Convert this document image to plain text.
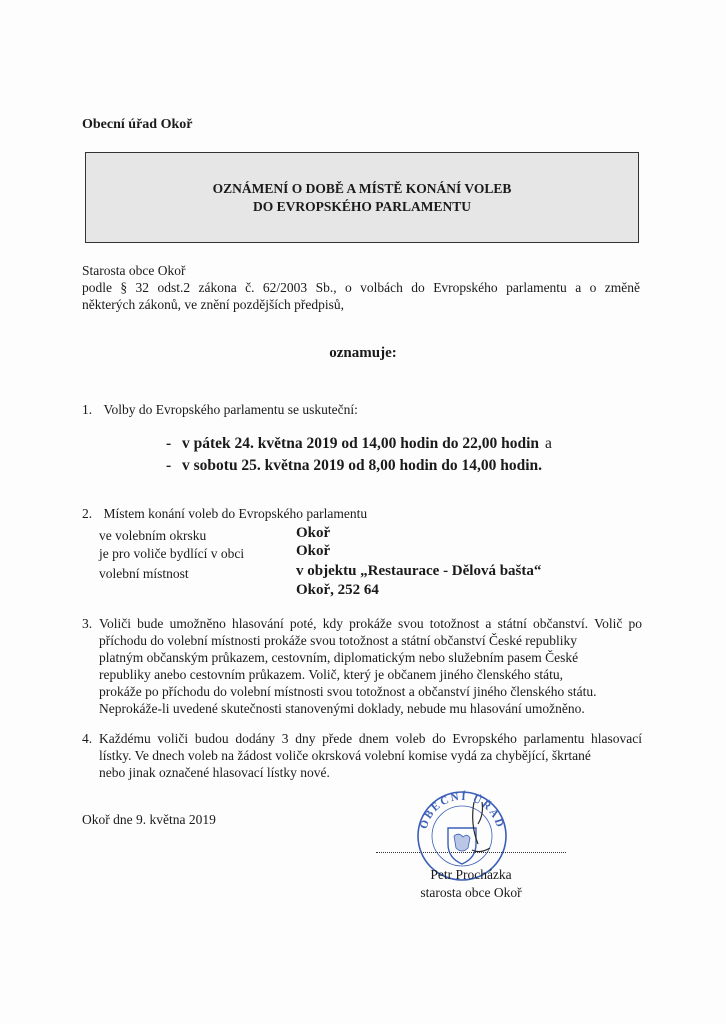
Obecní úřad Okoř
OZNÁMENÍ O DOBĚ A MÍSTĚ KONÁNÍ VOLEB
DO EVROPSKÉHO PARLAMENTU
Starosta obce Okoř
podle § 32 odst.2 zákona č. 62/2003 Sb., o volbách do Evropského parlamentu a o změně
některých zákonů, ve znění pozdějších předpisů,
oznamuje:
1. Volby do Evropského parlamentu se uskuteční:
- v pátek 24. května 2019 od 14,00 hodin do 22,00 hodin a
- v sobotu 25. května 2019 od 8,00 hodin do 14,00 hodin.
2. Místem konání voleb do Evropského parlamentu
ve volebním okrsku	Okoř
je pro voliče bydlící v obci	Okoř
volební místnost	v objektu „Restaurace - Dělová bašta“
Okoř, 252 64
3. Voliči bude umožněno hlasování poté, kdy prokáže svou totožnost a státní občanství. Volič po
příchodu do volební místnosti prokáže svou totožnost a státní občanství České republiky
platným občanským průkazem, cestovním, diplomatickým nebo služebním pasem České
republiky anebo cestovním průkazem. Volič, který je občanem jiného členského státu,
prokáže po příchodu do volební místnosti svou totožnost a občanství jiného členského státu.
Neprokáže-li uvedené skutečnosti stanovenými doklady, nebude mu hlasování umožněno.
4. Každému voliči budou dodány 3 dny přede dnem voleb do Evropského parlamentu hlasovací
lístky. Ve dnech voleb na žádost voliče okrsková volební komise vydá za chybějící, škrtané
nebo jinak označené hlasovací lístky nové.
Okoř dne 9. května 2019	OBECNÍ ÚŘAD
Petr Procházka
starosta obce Okoř
